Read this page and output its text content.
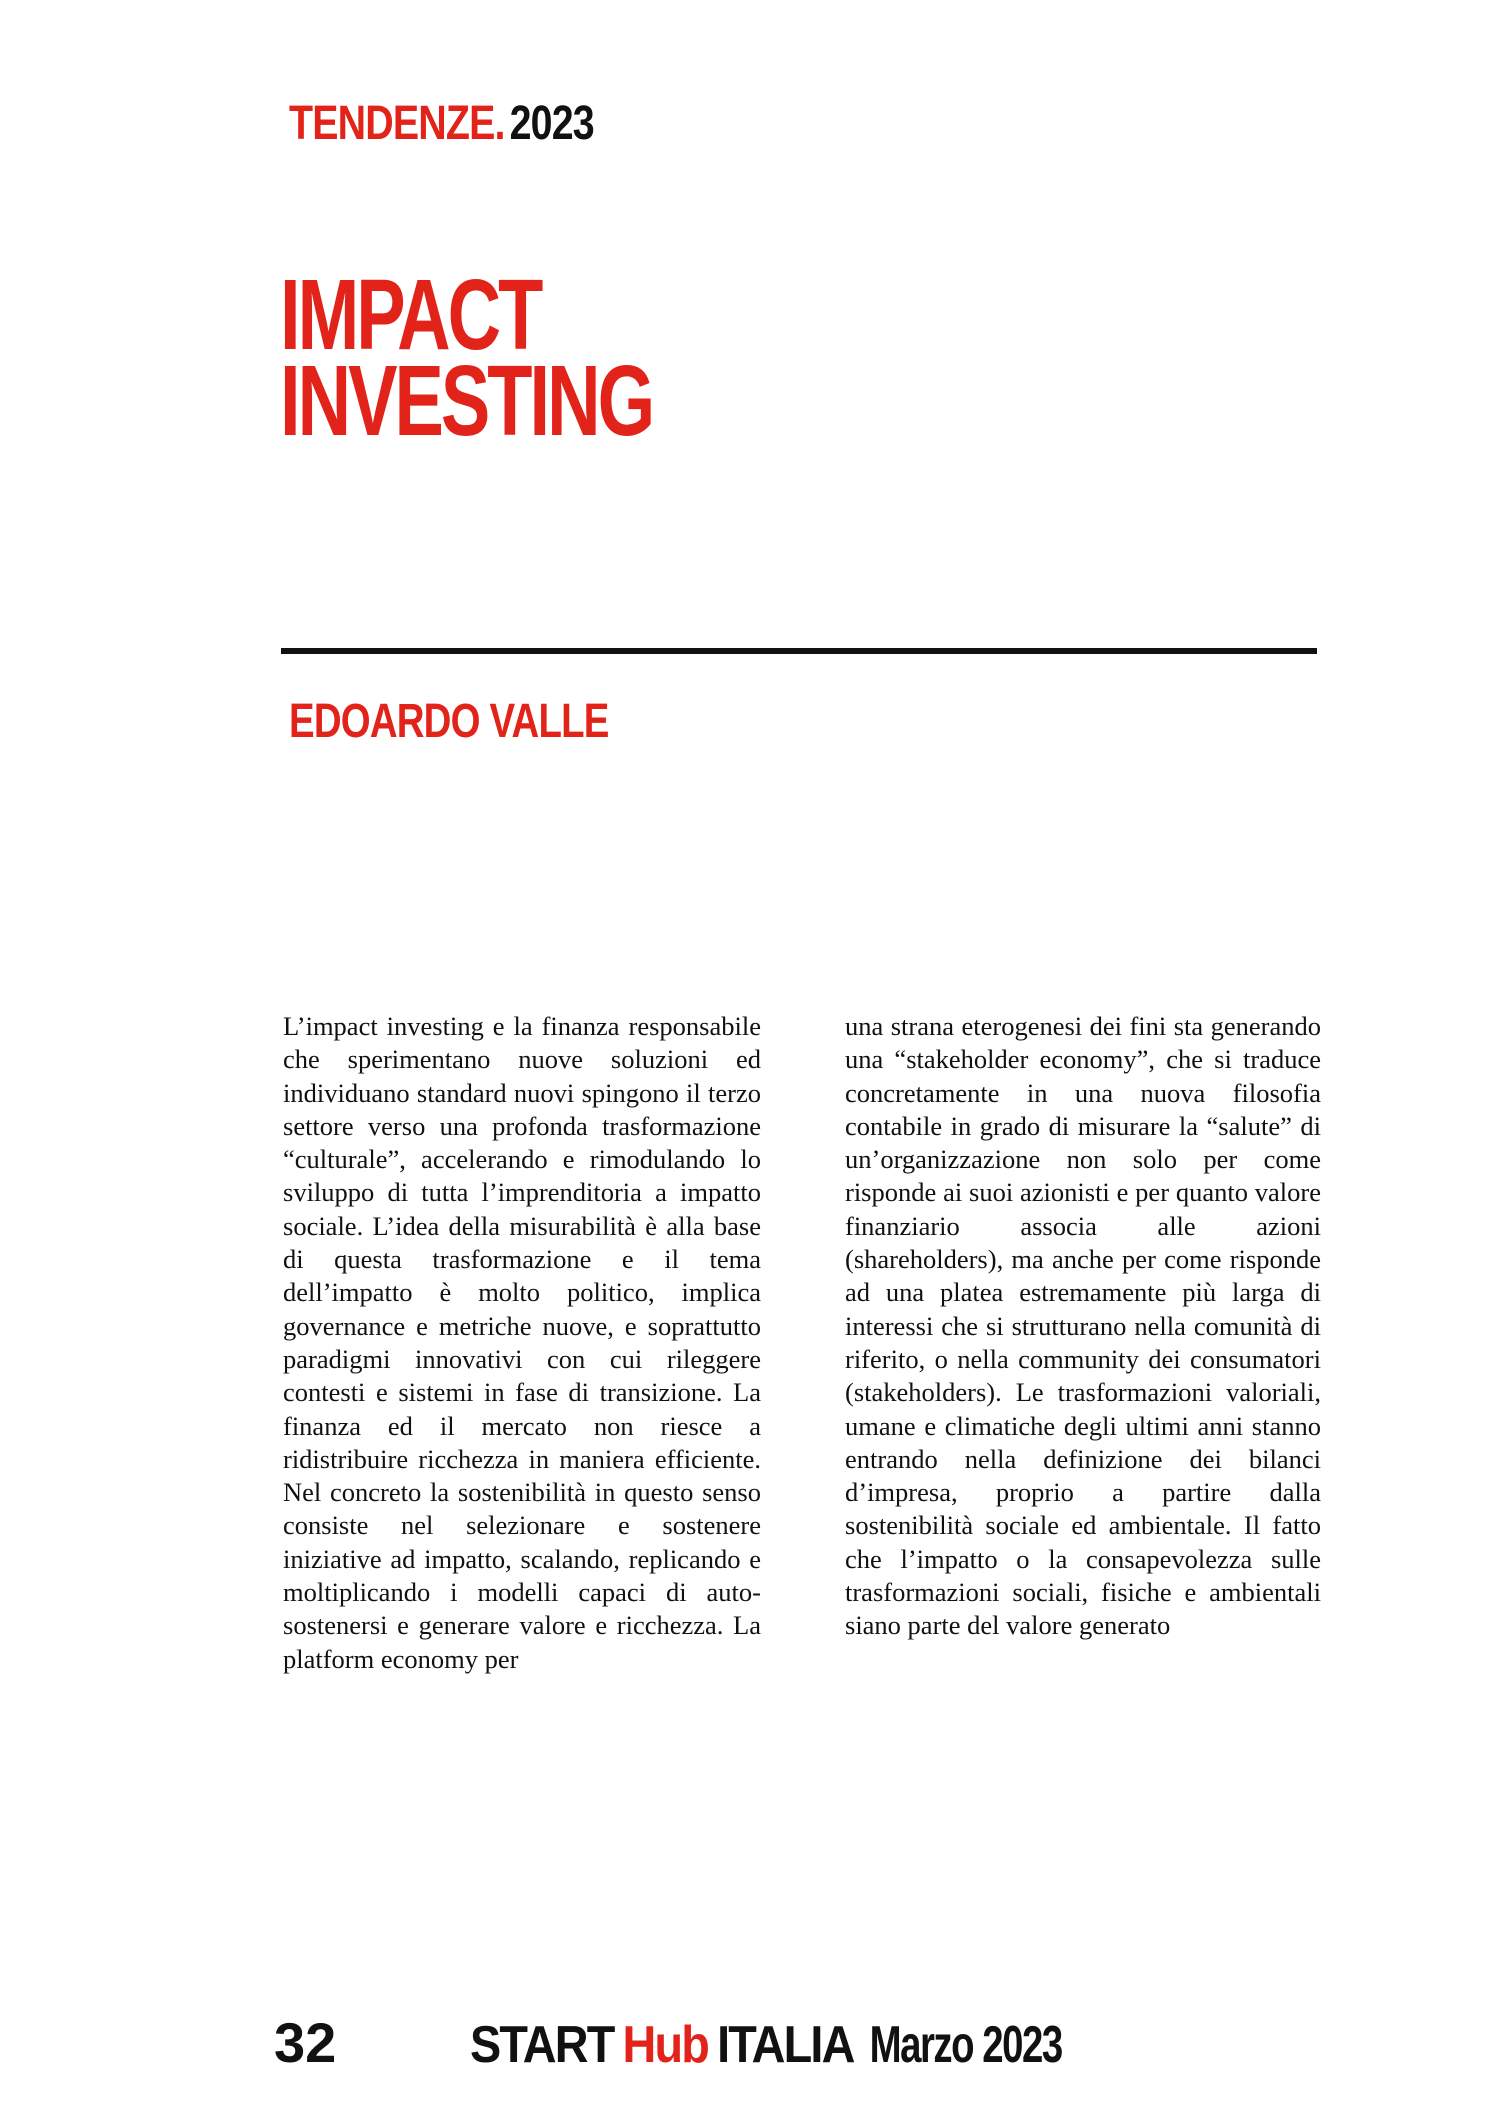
TENDENZE. 2023
IMPACT
INVESTING
EDOARDO VALLE
L’impact investing e la finanza responsabile che sperimentano nuove soluzioni ed individuano standard nuovi spingono il terzo settore verso una profonda trasformazione “culturale”, accelerando e rimodulando lo sviluppo di tutta l’imprenditoria a impatto sociale. L’idea della misurabilità è alla base di questa trasformazione e il tema dell’impatto è molto politico, implica governance e metriche nuove, e soprattutto paradigmi innovativi con cui rileggere contesti e sistemi in fase di transizione. La finanza ed il mercato non riesce a ridistribuire ricchezza in maniera efficiente. Nel concreto la sostenibilità in questo senso consiste nel selezionare e sostenere iniziative ad impatto, scalando, replicando e moltiplicando i modelli capaci di autosostenersi e generare valore e ricchezza. La platform economy per
una strana eterogenesi dei fini sta generando una “stakeholder economy”, che si traduce concretamente in una nuova filosofia contabile in grado di misurare la “salute” di un’organizzazione non solo per come risponde ai suoi azionisti e per quanto valore finanziario associa alle azioni (shareholders), ma anche per come risponde ad una platea estremamente più larga di interessi che si strutturano nella comunità di riferito, o nella community dei consumatori (stakeholders). Le trasformazioni valoriali, umane e climatiche degli ultimi anni stanno entrando nella definizione dei bilanci d’impresa, proprio a partire dalla sostenibilità sociale ed ambientale. Il fatto che l’impatto o la consapevolezza sulle trasformazioni sociali, fisiche e ambientali siano parte del valore generato
32	START Hub ITALIA Marzo 2023
